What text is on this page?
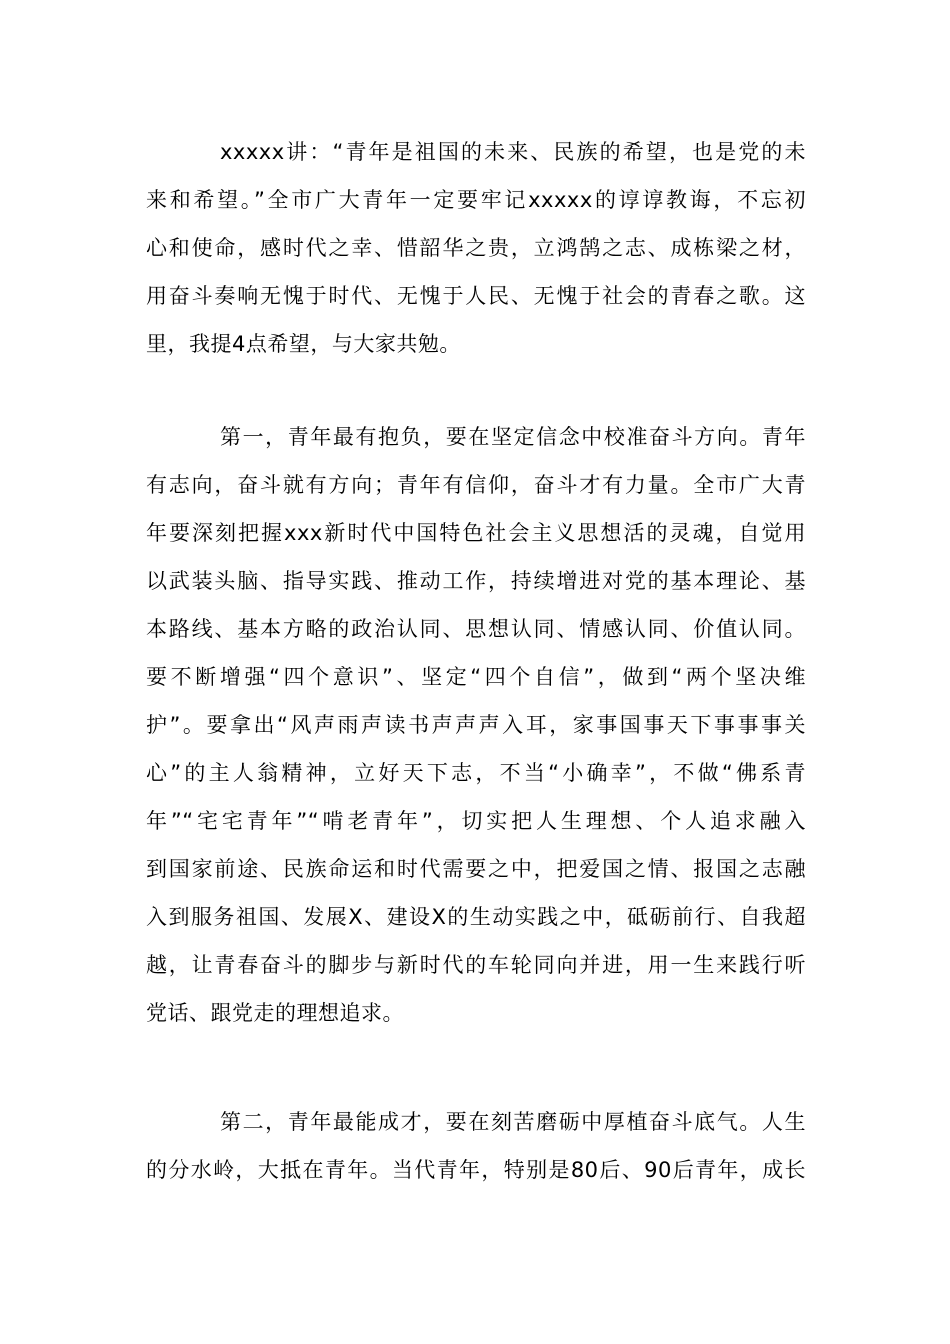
xxxxx讲：“青年是祖国的未来、民族的希望，也是党的未
来和希望。”全市广大青年一定要牢记xxxxx的谆谆教诲，不忘初
心和使命，感时代之幸、惜韶华之贵，立鸿鹄之志、成栋梁之材，
用奋斗奏响无愧于时代、无愧于人民、无愧于社会的青春之歌。这
里，我提4点希望，与大家共勉。
第一，青年最有抱负，要在坚定信念中校准奋斗方向。青年
有志向，奋斗就有方向；青年有信仰，奋斗才有力量。全市广大青
年要深刻把握xxx新时代中国特色社会主义思想活的灵魂，自觉用
以武装头脑、指导实践、推动工作，持续增进对党的基本理论、基
本路线、基本方略的政治认同、思想认同、情感认同、价值认同。
要不断增强“四个意识”、坚定“四个自信”，做到“两个坚决维
护”。要拿出“风声雨声读书声声声入耳，家事国事天下事事事关
心”的主人翁精神，立好天下志，不当“小确幸”，不做“佛系青
年”“宅宅青年”“啃老青年”，切实把人生理想、个人追求融入
到国家前途、民族命运和时代需要之中，把爱国之情、报国之志融
入到服务祖国、发展X、建设X的生动实践之中，砥砺前行、自我超
越，让青春奋斗的脚步与新时代的车轮同向并进，用一生来践行听
党话、跟党走的理想追求。
第二，青年最能成才，要在刻苦磨砺中厚植奋斗底气。人生
的分水岭，大抵在青年。当代青年，特别是80后、90后青年，成长
